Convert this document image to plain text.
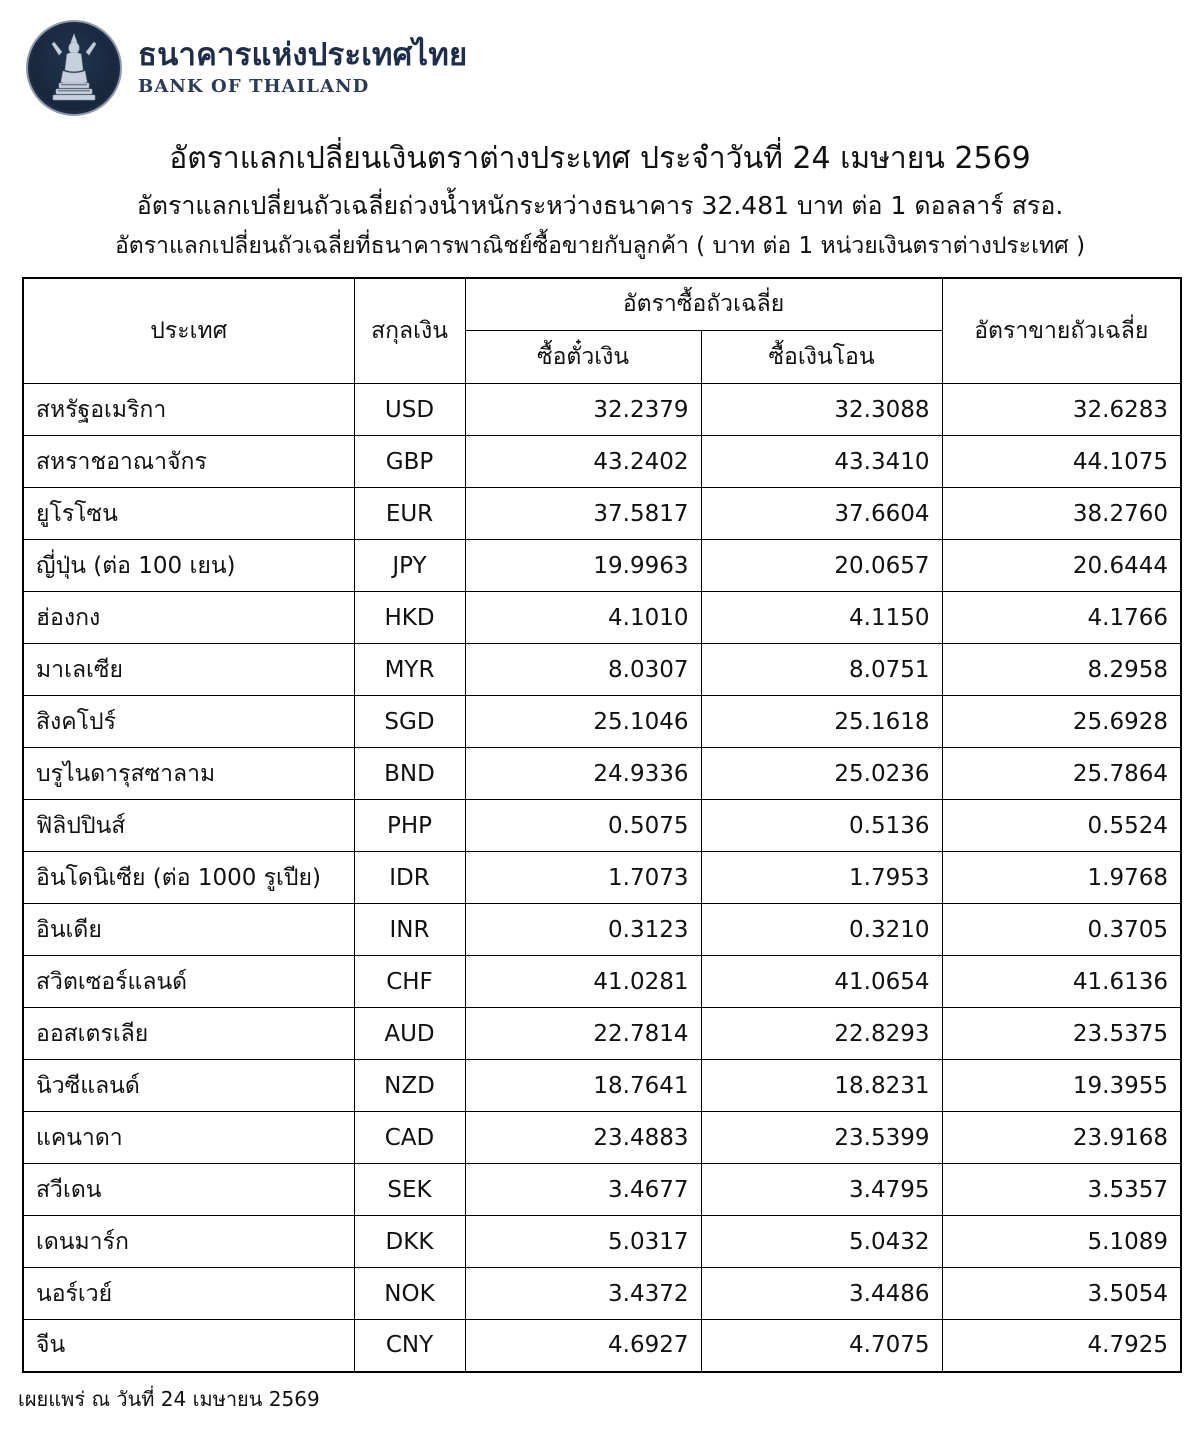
ธนาคารแห่งประเทศไทย
BANK OF THAILAND
อัตราแลกเปลี่ยนเงินตราต่างประเทศ ประจำวันที่ 24 เมษายน 2569
อัตราแลกเปลี่ยนถัวเฉลี่ยถ่วงน้ำหนักระหว่างธนาคาร 32.481 บาท ต่อ 1 ดอลลาร์ สรอ.
อัตราแลกเปลี่ยนถัวเฉลี่ยที่ธนาคารพาณิชย์ซื้อขายกับลูกค้า ( บาท ต่อ 1 หน่วยเงินตราต่างประเทศ )
ประเทศ	สกุลเงิน	อัตราซื้อถัวเฉลี่ย		อัตราขายถัวเฉลี่ย
		ซื้อตั๋วเงิน	ซื้อเงินโอน	
สหรัฐอเมริกา	USD	32.2379	32.3088	32.6283
สหราชอาณาจักร	GBP	43.2402	43.3410	44.1075
ยูโรโซน	EUR	37.5817	37.6604	38.2760
ญี่ปุ่น (ต่อ 100 เยน)	JPY	19.9963	20.0657	20.6444
ฮ่องกง	HKD	4.1010	4.1150	4.1766
มาเลเซีย	MYR	8.0307	8.0751	8.2958
สิงคโปร์	SGD	25.1046	25.1618	25.6928
บรูไนดารุสซาลาม	BND	24.9336	25.0236	25.7864
ฟิลิปปินส์	PHP	0.5075	0.5136	0.5524
อินโดนิเซีย (ต่อ 1000 รูเปีย)	IDR	1.7073	1.7953	1.9768
อินเดีย	INR	0.3123	0.3210	0.3705
สวิตเซอร์แลนด์	CHF	41.0281	41.0654	41.6136
ออสเตรเลีย	AUD	22.7814	22.8293	23.5375
นิวซีแลนด์	NZD	18.7641	18.8231	19.3955
แคนาดา	CAD	23.4883	23.5399	23.9168
สวีเดน	SEK	3.4677	3.4795	3.5357
เดนมาร์ก	DKK	5.0317	5.0432	5.1089
นอร์เวย์	NOK	3.4372	3.4486	3.5054
จีน	CNY	4.6927	4.7075	4.7925
เผยแพร่ ณ วันที่ 24 เมษายน 2569
